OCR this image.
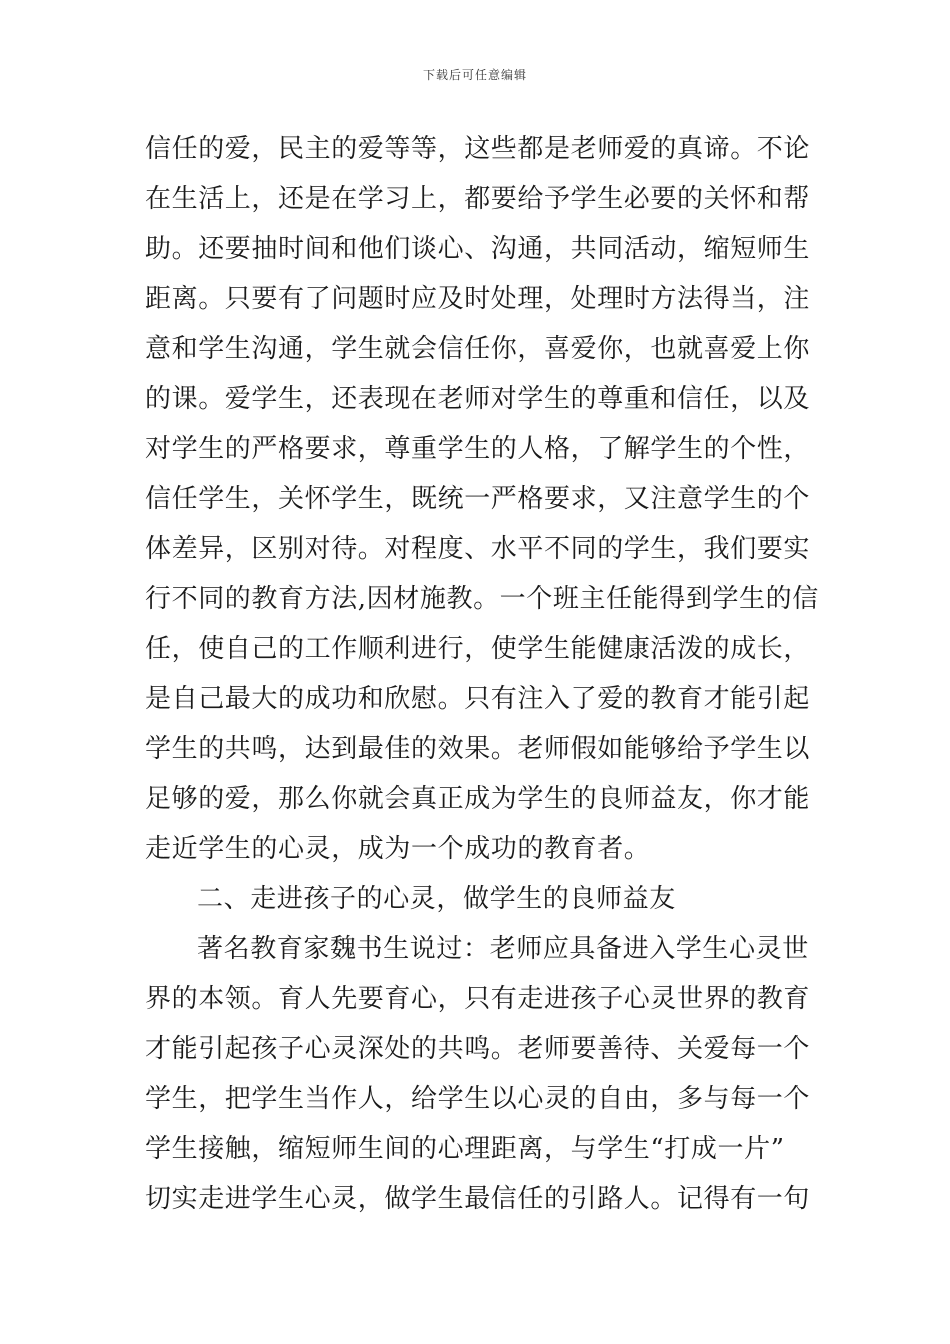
下载后可任意编辑
信任的爱，民主的爱等等，这些都是老师爱的真谛。不论
在生活上，还是在学习上，都要给予学生必要的关怀和帮
助。还要抽时间和他们谈心、沟通，共同活动，缩短师生
距离。只要有了问题时应及时处理，处理时方法得当，注
意和学生沟通，学生就会信任你，喜爱你，也就喜爱上你
的课。爱学生，还表现在老师对学生的尊重和信任，以及
对学生的严格要求，尊重学生的人格，了解学生的个性，
信任学生，关怀学生，既统一严格要求，又注意学生的个
体差异，区别对待。对程度、水平不同的学生，我们要实
行不同的教育方法,因材施教。一个班主任能得到学生的信
任，使自己的工作顺利进行，使学生能健康活泼的成长，
是自己最大的成功和欣慰。只有注入了爱的教育才能引起
学生的共鸣，达到最佳的效果。老师假如能够给予学生以
足够的爱，那么你就会真正成为学生的良师益友，你才能
走近学生的心灵，成为一个成功的教育者。
二、走进孩子的心灵，做学生的良师益友
著名教育家魏书生说过：老师应具备进入学生心灵世
界的本领。育人先要育心，只有走进孩子心灵世界的教育
才能引起孩子心灵深处的共鸣。老师要善待、关爱每一个
学生，把学生当作人，给学生以心灵的自由，多与每一个
学生接触，缩短师生间的心理距离，与学生“打成一片”
切实走进学生心灵，做学生最信任的引路人。记得有一句
